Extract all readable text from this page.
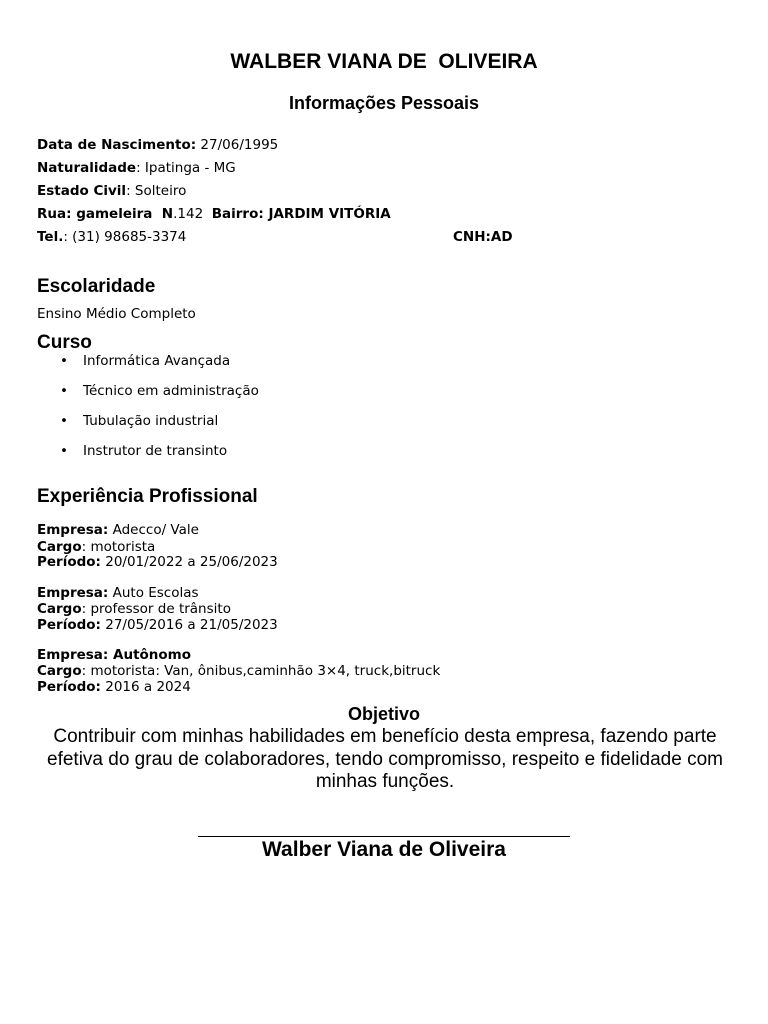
WALBER VIANA DE  OLIVEIRA
Informações Pessoais
Data de Nascimento: 27/06/1995
Naturalidade: Ipatinga - MG
Estado Civil: Solteiro
Rua: gameleira  N.142  Bairro: JARDIM VITÓRIA
Tel.: (31) 98685-3374	CNH:AD
Escolaridade
Ensino Médio Completo
Curso
• Informática Avançada
• Técnico em administração
• Tubulação industrial
• Instrutor de transinto
Experiência Profissional
Empresa: Adecco/ Vale
Cargo: motorista
Período: 20/01/2022 a 25/06/2023
Empresa: Auto Escolas
Cargo: professor de trânsito
Período: 27/05/2016 a 21/05/2023
Empresa: Autônomo
Cargo: motorista: Van, ônibus,caminhão 3×4, truck,bitruck
Período: 2016 a 2024
Objetivo
Contribuir com minhas habilidades em benefício desta empresa, fazendo parte efetiva do grau de colaboradores, tendo compromisso, respeito e fidelidade com minhas funções.
Walber Viana de Oliveira
